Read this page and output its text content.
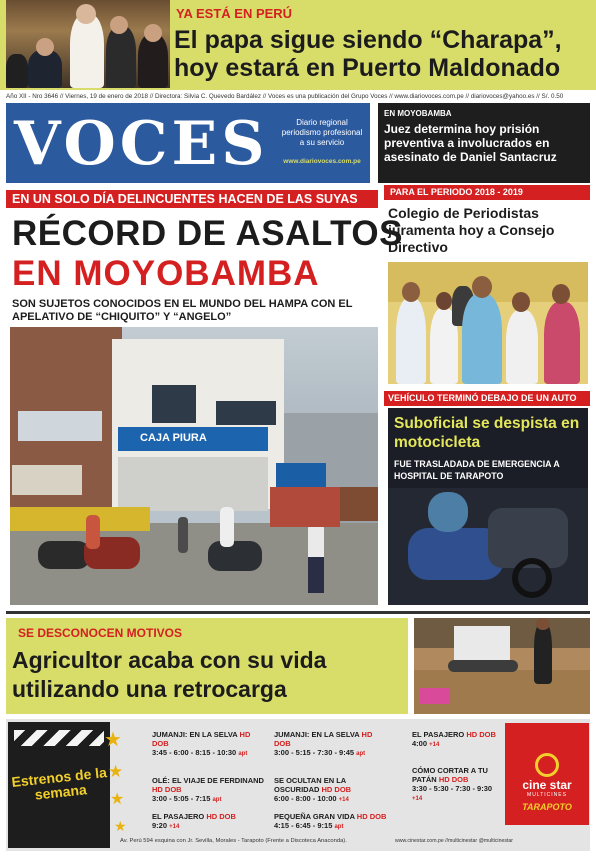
YA ESTÁ EN PERÚ
El papa sigue siendo “Charapa”,
hoy estará en Puerto Maldonado
Año XII - Nro 3646 // Viernes, 19 de enero de 2018 // Directora: Silvia C. Quevedo Bardález // Voces es una publicación del Grupo Voces // www.diariovoces.com.pe // diariovoces@yahoo.es // S/. 0.50
VOCES	Diario regional periodismo profesional a su servicio
www.diariovoces.com.pe
EN MOYOBAMBA
Juez determina hoy prisión preventiva a involucrados en asesinato de Daniel Santacruz
EN UN SOLO DÍA DELINCUENTES HACEN DE LAS SUYAS
RÉCORD DE ASALTOS
EN MOYOBAMBA
SON SUJETOS CONOCIDOS EN EL MUNDO DEL HAMPA CON EL APELATIVO DE “CHIQUITO” Y “ANGELO”
CAJA PIURA
PARA EL PERIODO 2018 - 2019
Colegio de Periodistas juramenta hoy a Consejo Directivo
VEHÍCULO TERMINÓ DEBAJO DE UN AUTO
Suboficial se despista en motocicleta
FUE TRASLADADA DE EMERGENCIA A HOSPITAL DE TARAPOTO
SE DESCONOCEN MOTIVOS
Agricultor acaba con su vida utilizando una retrocarga
Estrenos de la semana
★
★
★
★
JUMANJI: EN LA SELVA HD DOB
3:45 - 6:00 - 8:15 - 10:30 apt
OLÉ: EL VIAJE DE FERDINAND HD DOB
3:00 - 5:05 - 7:15 apt
EL PASAJERO HD DOB
9:20 +14
JUMANJI: EN LA SELVA HD DOB
3:00 - 5:15 - 7:30 - 9:45 apt
SE OCULTAN EN LA OSCURIDAD HD DOB
6:00 - 8:00 - 10:00 +14
PEQUEÑA GRAN VIDA HD DOB
4:15 - 6:45 - 9:15 apt
EL PASAJERO HD DOB
4:00 +14
CÓMO CORTAR A TU PATÁN HD DOB
3:30 - 5:30 - 7:30 - 9:30 +14
cine star
MULTICINES
TARAPOTO
Av. Perú 594 esquina con Jr. Sevilla, Morales - Tarapoto (Frente a Discoteca Anaconda).	www.cinestar.com.pe //multicinestar @multicinestar
